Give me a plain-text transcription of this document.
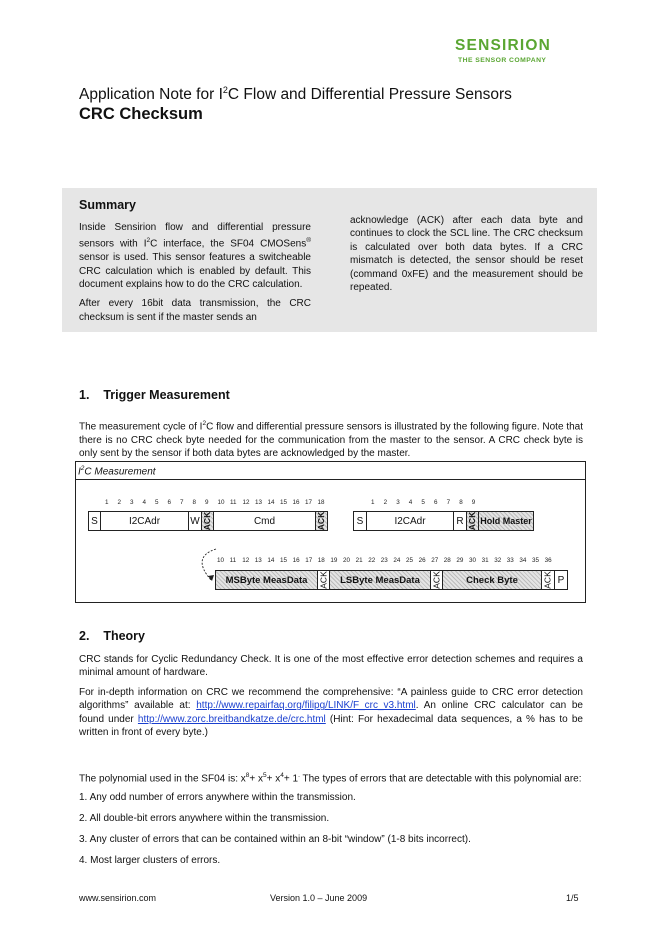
SENSIRION
THE SENSOR COMPANY
Application Note for $I^2C$ Flow and Differential Pressure Sensors
CRC Checksum
Summary

Inside Sensirion flow and differential pressure sensors with $I^2C$ interface, the SF04 CMOSens® sensor is used. This sensor features a switcheable CRC calculation which is enabled by default. This document explains how to do the CRC calculation.

After every 16bit data transmission, the CRC checksum is sent if the master sends an

acknowledge (ACK) after each data byte and continues to clock the SCL line. The CRC checksum is calculated over both data bytes. If a CRC mismatch is detected, the sensor should be reset (command 0xFE) and the measurement should be repeated.

1.    Trigger Measurement

The measurement cycle of $I^2C$ flow and differential pressure sensors is illustrated by the following figure. Note that there is no CRC check byte needed for the communication from the master to the sensor. A CRC check byte is only sent by the sensor if both data bytes are acknowledged by the master.

$I^2C$ Measurement
1 2 3 4 5 6 7 8 9 10 11 12 13 14 15 16 17 18	1 2 3 4 5 6 7 8 9
10 11 12 13 14 15 16 17 18 19 20 21 22 23 24 25 26 27 28 29 30 31 32 33 34 35 36
S	I2CAdr	W ACK	Cmd	ACK	S	I2CAdr	R ACK Hold Master
MSByte MeasData	ACK	LSByte MeasData	ACK	Check Byte	ACK P
2.    Theory

CRC stands for Cyclic Redundancy Check. It is one of the most effective error detection schemes and requires a minimal amount of hardware.

For in-depth information on CRC we recommend the comprehensive: “A painless guide to CRC error detection algorithms” available at: http://www.repairfaq.org/filipg/LINK/F_crc_v3.html. An online CRC calculator can be found under http://www.zorc.breitbandkatze.de/crc.html (Hint: For hexadecimal data sequences, a % has to be written in front of every byte.)

The polynomial used in the SF04 is: $x^8+ x^5+ x^4+ 1^.$ The types of errors that are detectable with this polynomial are:
1. Any odd number of errors anywhere within the transmission.
2. All double-bit errors anywhere within the transmission.
3. Any cluster of errors that can be contained within an 8-bit “window” (1-8 bits incorrect).
4. Most larger clusters of errors.
www.sensirion.com	Version 1.0 – June 2009	1/5
